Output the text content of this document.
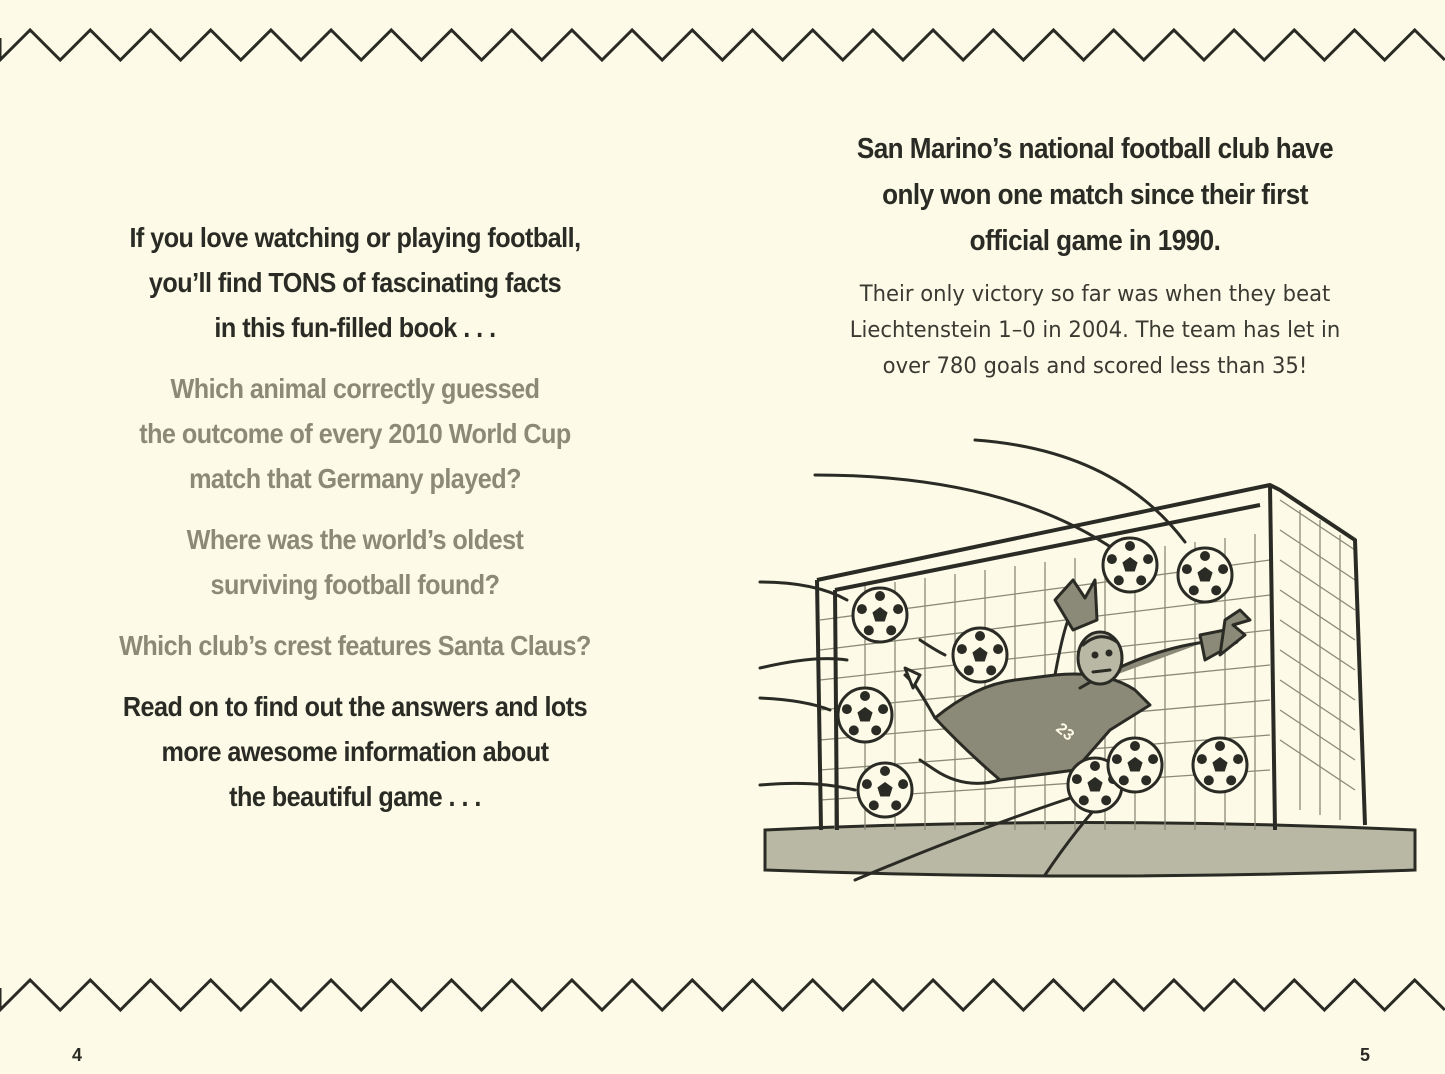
If you love watching or playing football,
you’ll find TONS of fascinating facts
in this fun-filled book . . .

Which animal correctly guessed
the outcome of every 2010 World Cup
match that Germany played?

Where was the world’s oldest
surviving football found?

Which club’s crest features Santa Claus?

Read on to find out the answers and lots
more awesome information about
the beautiful game . . .

San Marino’s national football club have
only won one match since their first
official game in 1990.
Their only victory so far was when they beat
Liechtenstein 1–0 in 2004. The team has let in
over 780 goals and scored less than 35!
23
4	5
